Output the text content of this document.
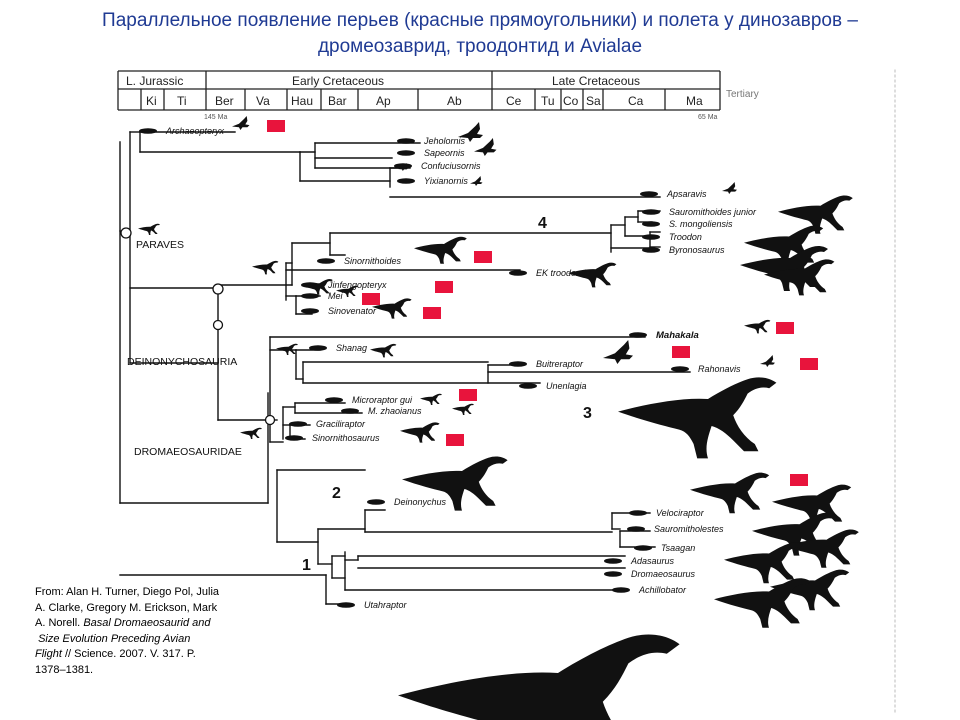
Параллельное появление перьев (красные прямоугольники) и полета у динозавров –
дромеозаврид, троодонтид и Avialae
L. Jurassic	Early Cretaceous	Late Cretaceous
Tertiary
Ki Ti Ber Va Hau Bar Ap	Ab	Ce Tu Co Sa Ca	Ma
145 Ma	65 Ma
Archaeopteryx
Jeholornis
Sapeornis
Confuciusornis
Yixianornis
Apsaravis
Sauromithoides junior
S. mongoliensis
Troodon
Byronosaurus
Sinornithoides
EK troodontid
Jinfengopteryx
Mei
Sinovenator
Mahakala
Shanag
Buitreraptor	Rahonavis
Unenlagia
Microraptor gui
M. zhaoianus
Graciliraptor
Sinornithosaurus
Deinonychus
Velociraptor
Sauromitholestes
Tsaagan
Adasaurus
Dromaeosaurus
Achillobator
Utahraptor
PARAVES
DEINONYCHOSAURIA
DROMAEOSAURIDAE
4
3
2
1
From: Alan H. Turner, Diego Pol, Julia
A. Clarke, Gregory M. Erickson, Mark
A. Norell. Basal Dromaeosaurid and
Size Evolution Preceding Avian
Flight // Science. 2007. V. 317. P.
1378–1381.
